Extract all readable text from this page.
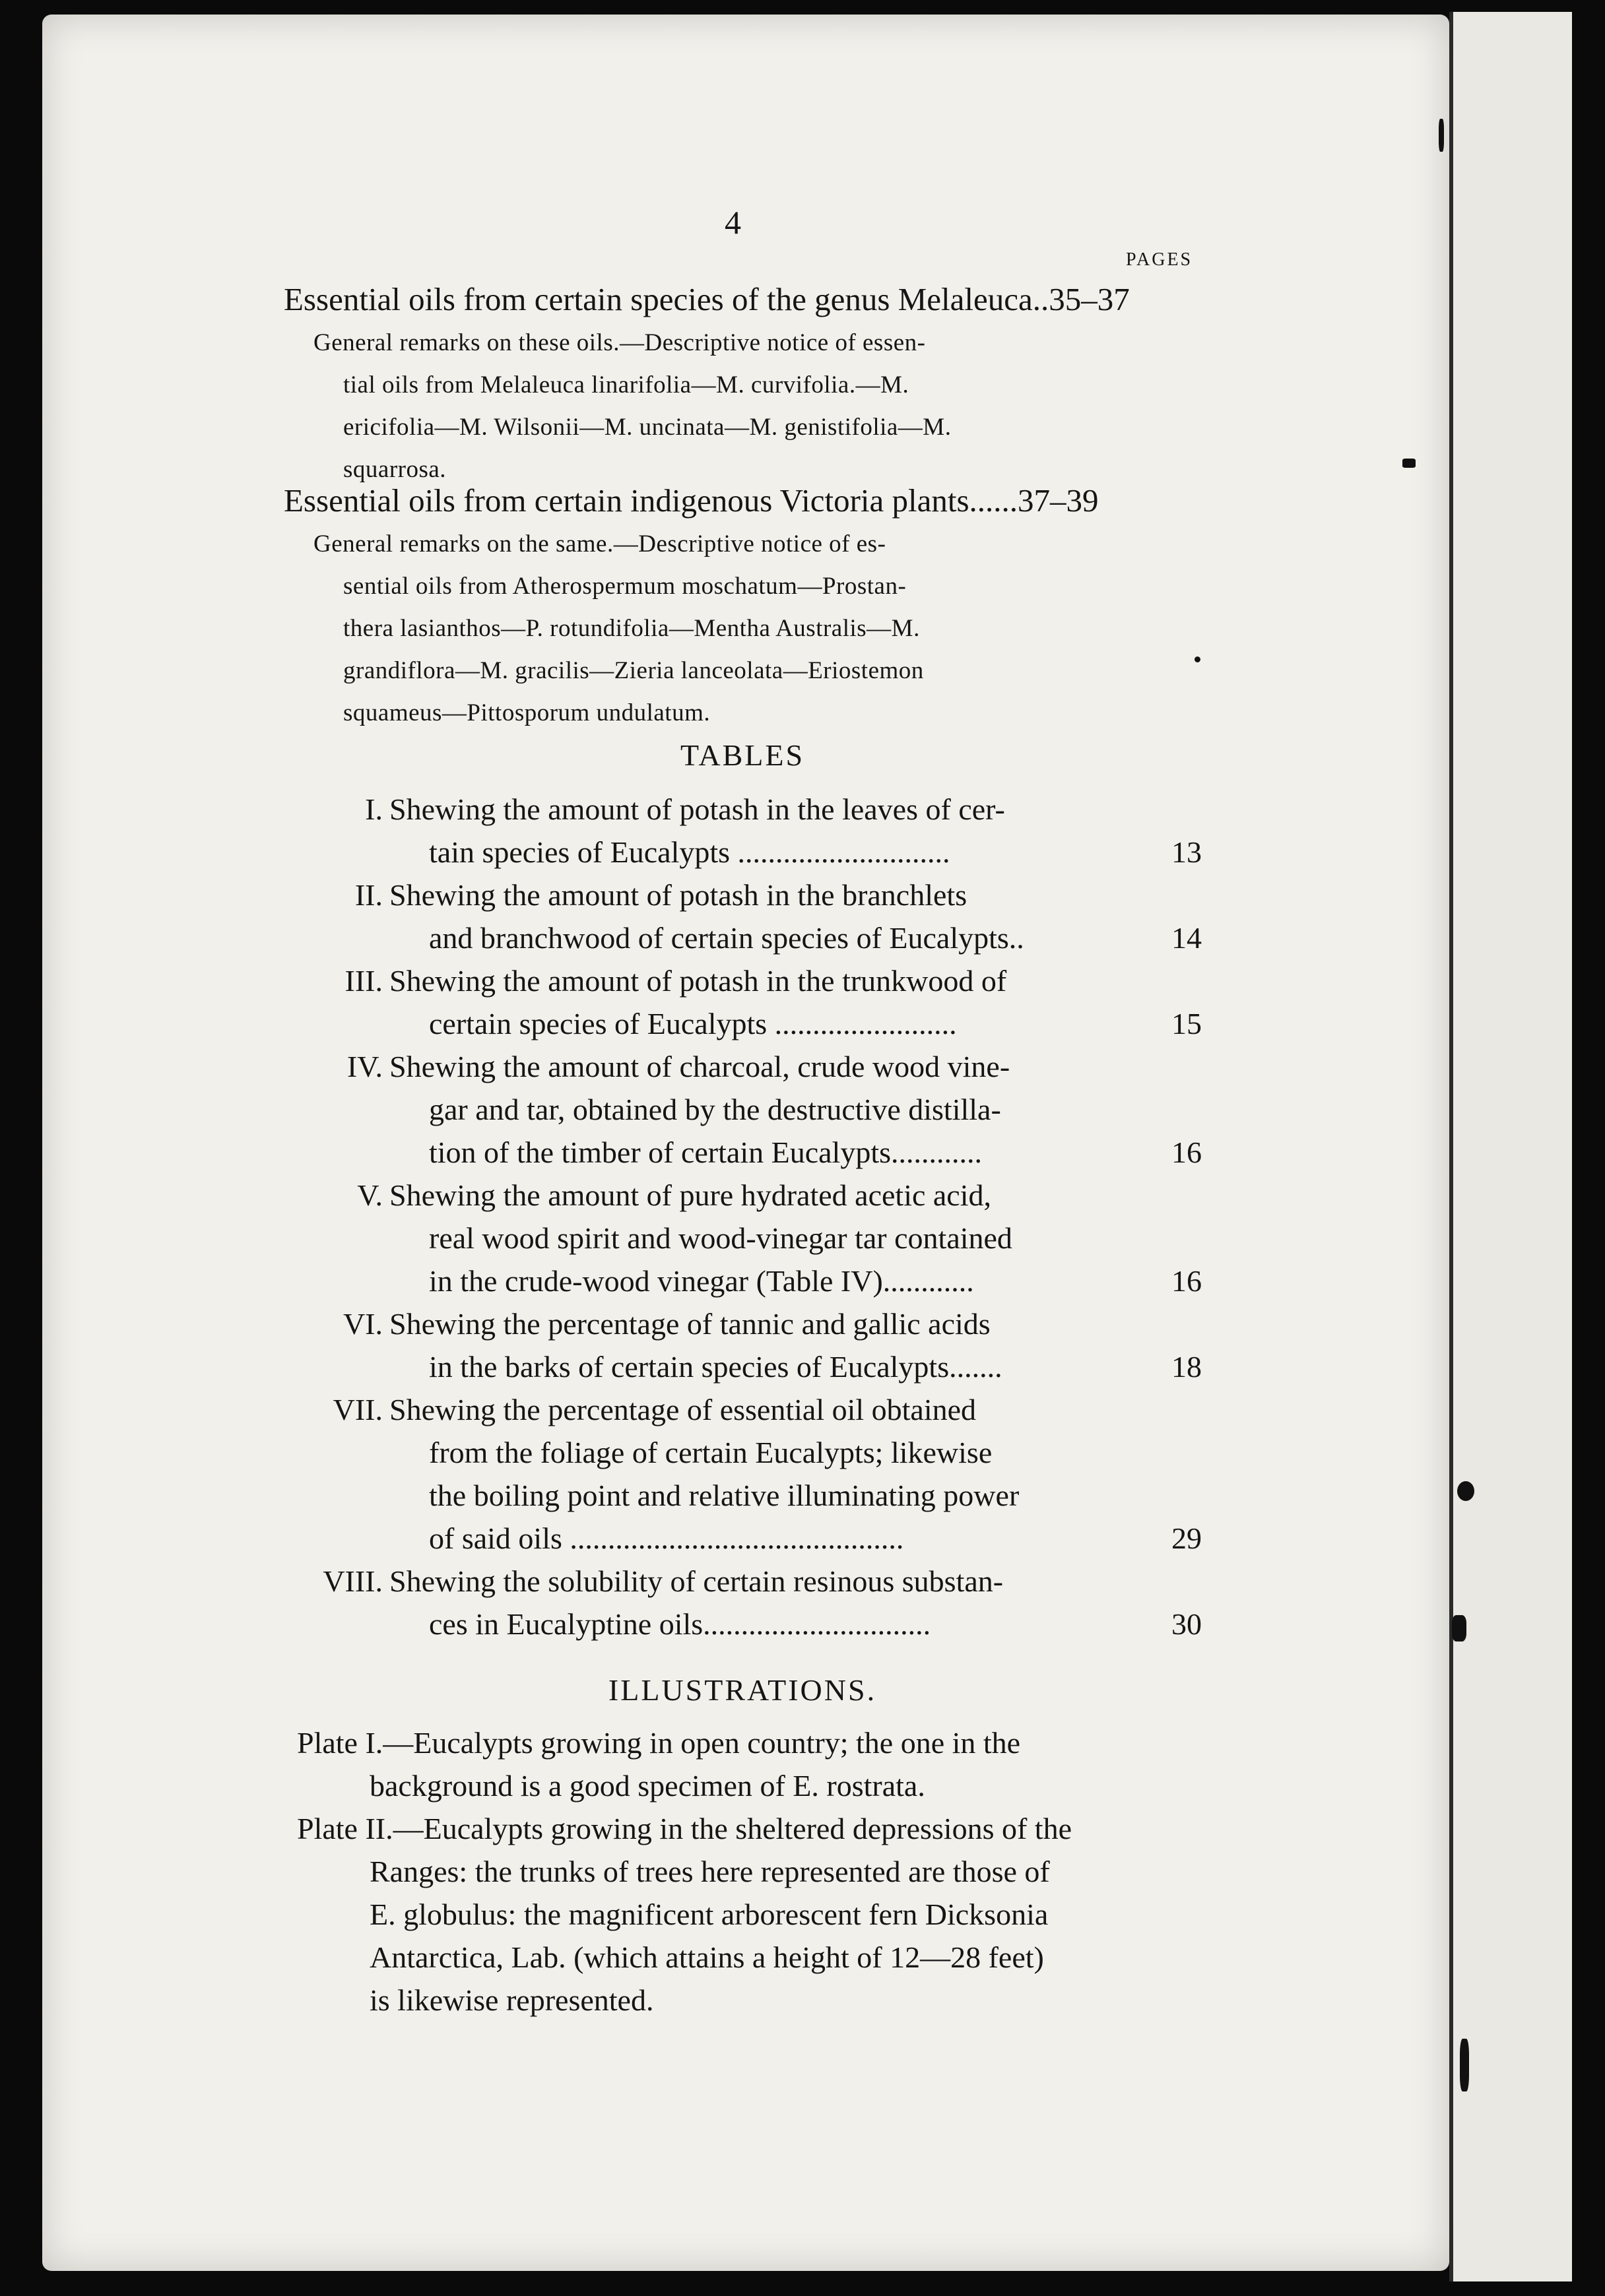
4
PAGES
Essential oils from certain species of the genus Melaleuca..35–37
General remarks on these oils.—Descriptive notice of essen-
tial oils from Melaleuca linarifolia—M. curvifolia.—M.
ericifolia—M. Wilsonii—M. uncinata—M. genistifolia—M.
squarrosa.
Essential oils from certain indigenous Victoria plants......37–39
General remarks on the same.—Descriptive notice of es-
sential oils from Atherospermum moschatum—Prostan-
thera lasianthos—P. rotundifolia—Mentha Australis—M.
grandiflora—M. gracilis—Zieria lanceolata—Eriostemon
squameus—Pittosporum undulatum.
TABLES
I. Shewing the amount of potash in the leaves of cer-
tain species of Eucalypts ............................	13
II. Shewing the amount of potash in the branchlets
and branchwood of certain species of Eucalypts..	14
III. Shewing the amount of potash in the trunkwood of
certain species of Eucalypts ........................	15
IV. Shewing the amount of charcoal, crude wood vine-
gar and tar, obtained by the destructive distilla-
tion of the timber of certain Eucalypts............	16
V. Shewing the amount of pure hydrated acetic acid,
real wood spirit and wood-vinegar tar contained
in the crude-wood vinegar (Table IV)............	16
VI. Shewing the percentage of tannic and gallic acids
in the barks of certain species of Eucalypts.......	18
VII. Shewing the percentage of essential oil obtained
from the foliage of certain Eucalypts; likewise
the boiling point and relative illuminating power
of said oils ............................................	29
VIII. Shewing the solubility of certain resinous substan-
ces in Eucalyptine oils..............................	30
ILLUSTRATIONS.
Plate I.—Eucalypts growing in open country; the one in the
background is a good specimen of E. rostrata.
Plate II.—Eucalypts growing in the sheltered depressions of the
Ranges: the trunks of trees here represented are those of
E. globulus: the magnificent arborescent fern Dicksonia
Antarctica, Lab. (which attains a height of 12—28 feet)
is likewise represented.
